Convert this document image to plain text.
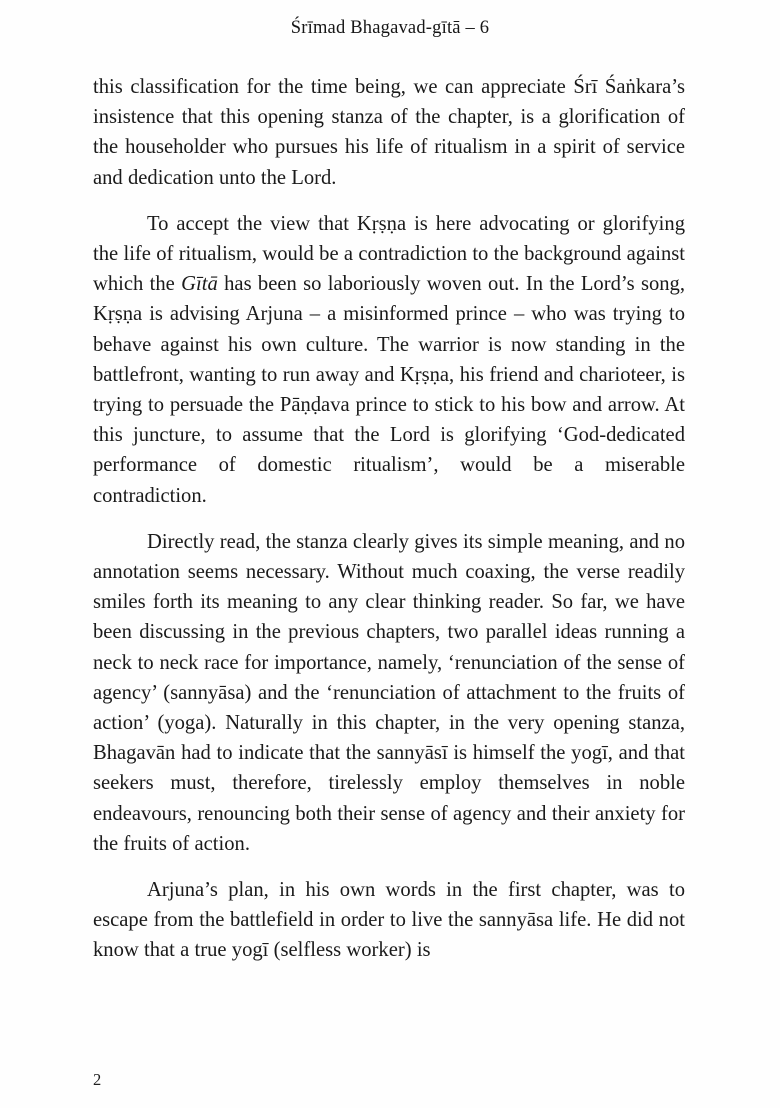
Śrīmad Bhagavad-gītā – 6

this classification for the time being, we can appreciate Śrī Śaṅkara’s insistence that this opening stanza of the chapter, is a glorification of the householder who pursues his life of ritualism in a spirit of service and dedication unto the Lord.

To accept the view that Kṛṣṇa is here advocating or glorifying the life of ritualism, would be a contradiction to the background against which the Gītā has been so laboriously woven out. In the Lord’s song, Kṛṣṇa is advising Arjuna – a misinformed prince – who was trying to behave against his own culture. The warrior is now standing in the battlefront, wanting to run away and Kṛṣṇa, his friend and charioteer, is trying to persuade the Pāṇḍava prince to stick to his bow and arrow. At this juncture, to assume that the Lord is glorifying ‘God-dedicated performance of domestic ritualism’, would be a miserable contradiction.

Directly read, the stanza clearly gives its simple meaning, and no annotation seems necessary. Without much coaxing, the verse readily smiles forth its meaning to any clear thinking reader. So far, we have been discussing in the previous chapters, two parallel ideas running a neck to neck race for importance, namely, ‘renunciation of the sense of agency’ (sannyāsa) and the ‘renunciation of attachment to the fruits of action’ (yoga). Naturally in this chapter, in the very opening stanza, Bhagavān had to indicate that the sannyāsī is himself the yogī, and that seekers must, therefore, tirelessly employ themselves in noble endeavours, renouncing both their sense of agency and their anxiety for the fruits of action.

Arjuna’s plan, in his own words in the first chapter, was to escape from the battlefield in order to live the sannyāsa life. He did not know that a true yogī (selfless worker) is

2
